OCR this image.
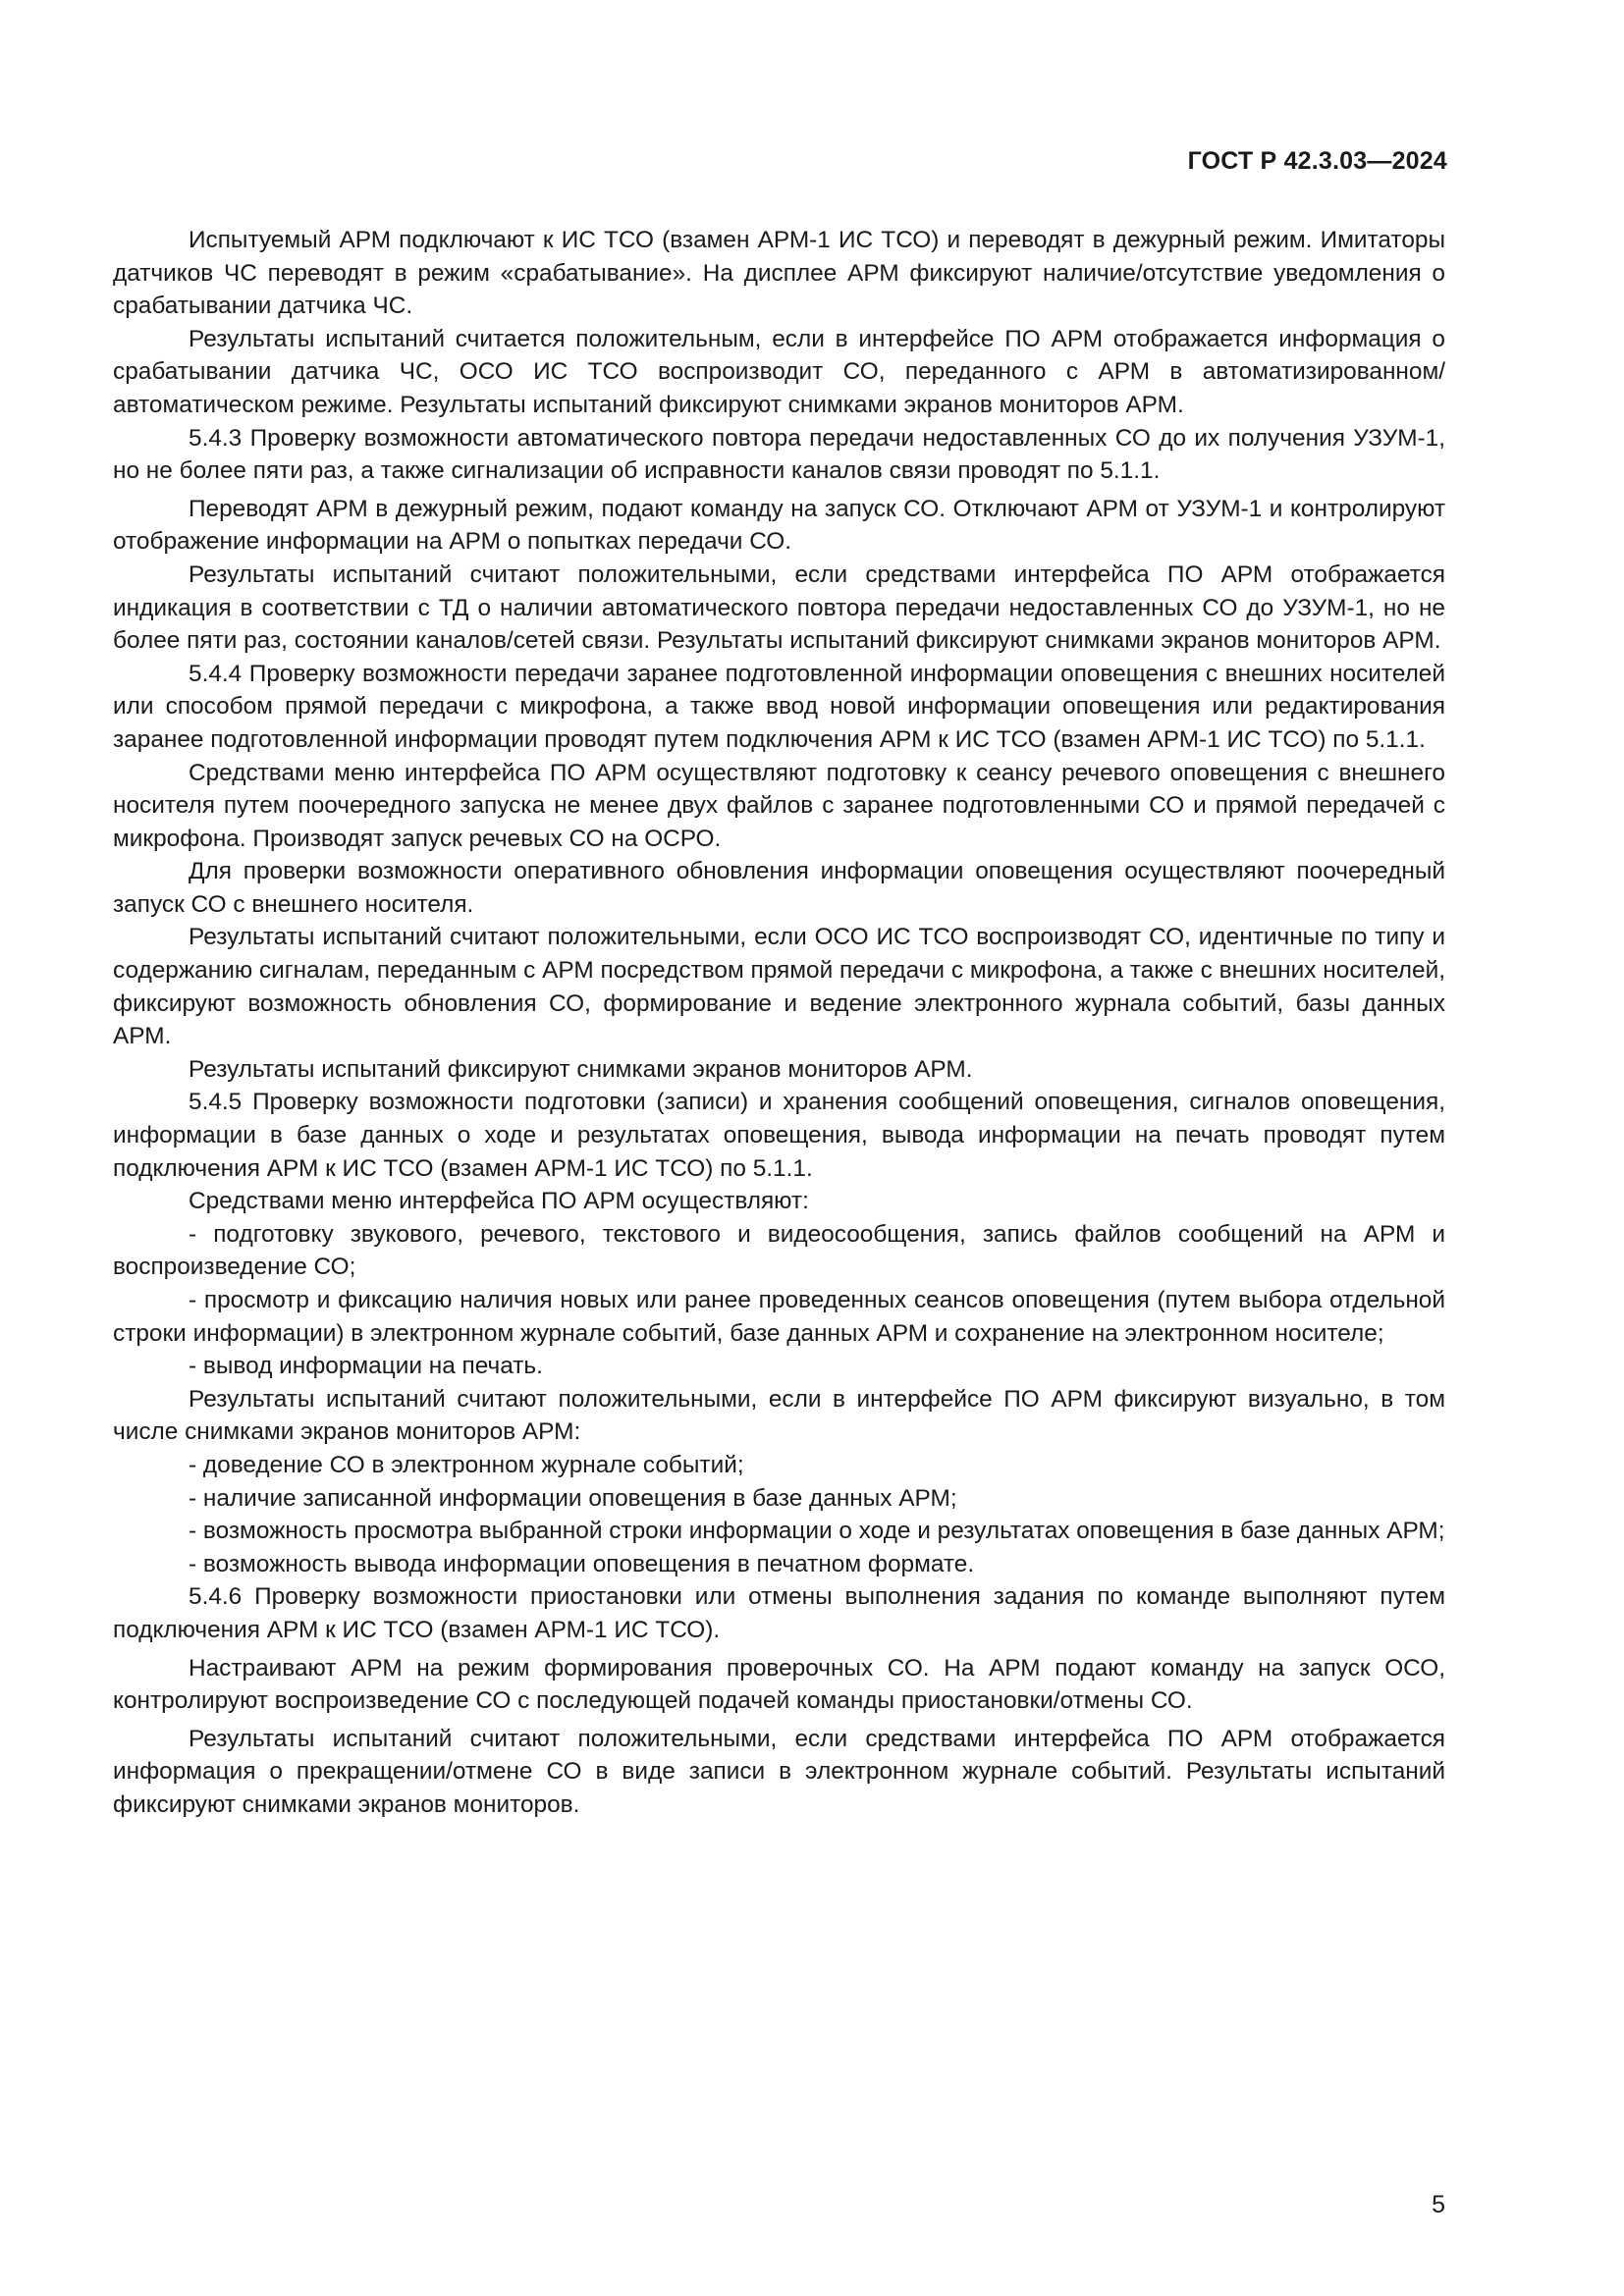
ГОСТ Р 42.3.03—2024

Испытуемый АРМ подключают к ИС ТСО (взамен АРМ-1 ИС ТСО) и переводят в дежурный режим. Имитаторы датчиков ЧС переводят в режим «срабатывание». На дисплее АРМ фиксируют наличие/отсутствие уведомления о срабатывании датчика ЧС.

Результаты испытаний считается положительным, если в интерфейсе ПО АРМ отображается информация о срабатывании датчика ЧС, ОСО ИС ТСО воспроизводит СО, переданного с АРМ в автоматизированном/автоматическом режиме. Результаты испытаний фиксируют снимками экранов мониторов АРМ.

5.4.3 Проверку возможности автоматического повтора передачи недоставленных СО до их получения УЗУМ-1, но не более пяти раз, а также сигнализации об исправности каналов связи проводят по 5.1.1.

Переводят АРМ в дежурный режим, подают команду на запуск СО. Отключают АРМ от УЗУМ-1 и контролируют отображение информации на АРМ о попытках передачи СО.

Результаты испытаний считают положительными, если средствами интерфейса ПО АРМ отображается индикация в соответствии с ТД о наличии автоматического повтора передачи недоставленных СО до УЗУМ-1, но не более пяти раз, состоянии каналов/сетей связи. Результаты испытаний фиксируют снимками экранов мониторов АРМ.

5.4.4 Проверку возможности передачи заранее подготовленной информации оповещения с внешних носителей или способом прямой передачи с микрофона, а также ввод новой информации оповещения или редактирования заранее подготовленной информации проводят путем подключения АРМ к ИС ТСО (взамен АРМ-1 ИС ТСО) по 5.1.1.

Средствами меню интерфейса ПО АРМ осуществляют подготовку к сеансу речевого оповещения с внешнего носителя путем поочередного запуска не менее двух файлов с заранее подготовленными СО и прямой передачей с микрофона. Производят запуск речевых СО на ОСРО.

Для проверки возможности оперативного обновления информации оповещения осуществляют поочередный запуск СО с внешнего носителя.

Результаты испытаний считают положительными, если ОСО ИС ТСО воспроизводят СО, идентичные по типу и содержанию сигналам, переданным с АРМ посредством прямой передачи с микрофона, а также с внешних носителей, фиксируют возможность обновления СО, формирование и ведение электронного журнала событий, базы данных АРМ.

Результаты испытаний фиксируют снимками экранов мониторов АРМ.

5.4.5 Проверку возможности подготовки (записи) и хранения сообщений оповещения, сигналов оповещения, информации в базе данных о ходе и результатах оповещения, вывода информации на печать проводят путем подключения АРМ к ИС ТСО (взамен АРМ-1 ИС ТСО) по 5.1.1.

Средствами меню интерфейса ПО АРМ осуществляют:

- подготовку звукового, речевого, текстового и видеосообщения, запись файлов сообщений на АРМ и воспроизведение СО;

- просмотр и фиксацию наличия новых или ранее проведенных сеансов оповещения (путем выбора отдельной строки информации) в электронном журнале событий, базе данных АРМ и сохранение на электронном носителе;

- вывод информации на печать.

Результаты испытаний считают положительными, если в интерфейсе ПО АРМ фиксируют визуально, в том числе снимками экранов мониторов АРМ:

- доведение СО в электронном журнале событий;

- наличие записанной информации оповещения в базе данных АРМ;

- возможность просмотра выбранной строки информации о ходе и результатах оповещения в базе данных АРМ;

- возможность вывода информации оповещения в печатном формате.

5.4.6 Проверку возможности приостановки или отмены выполнения задания по команде выполняют путем подключения АРМ к ИС ТСО (взамен АРМ-1 ИС ТСО).

Настраивают АРМ на режим формирования проверочных СО. На АРМ подают команду на запуск ОСО, контролируют воспроизведение СО с последующей подачей команды приостановки/отмены СО.

Результаты испытаний считают положительными, если средствами интерфейса ПО АРМ отображается информация о прекращении/отмене СО в виде записи в электронном журнале событий. Результаты испытаний фиксируют снимками экранов мониторов.

5
